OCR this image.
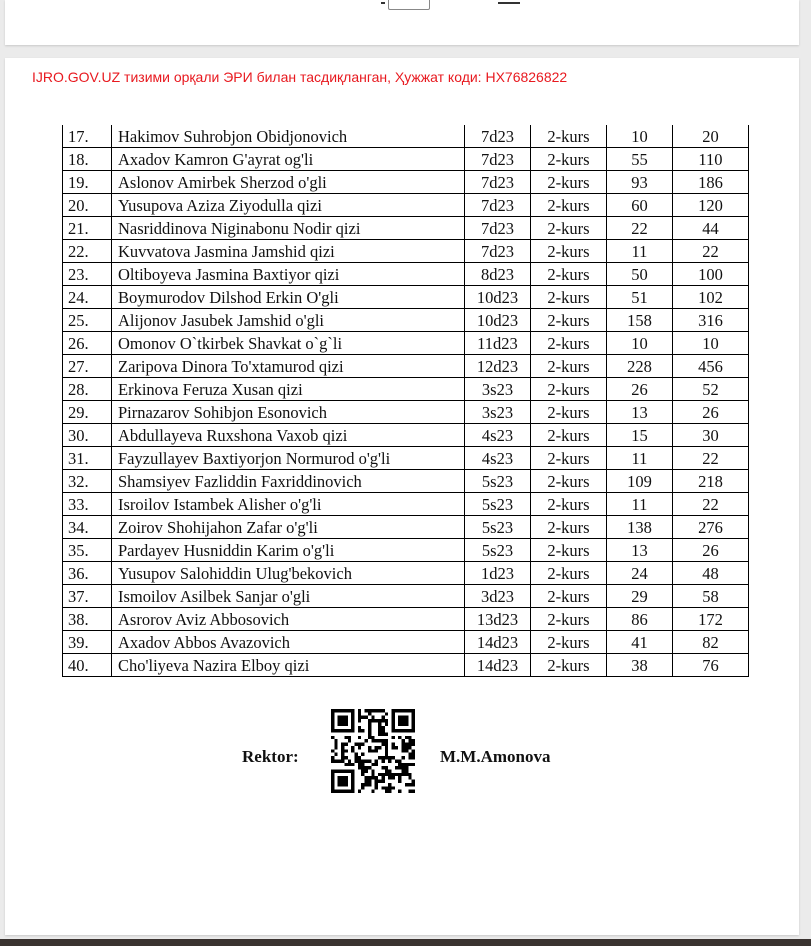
IJRO.GOV.UZ тизими орқали ЭРИ билан тасдиқланган, Ҳужжат коди: HX76826822
17.	Hakimov Suhrobjon Obidjonovich	7d23	2-kurs	10	20
18.	Axadov Kamron G'ayrat og'li	7d23	2-kurs	55	110
19.	Aslonov Amirbek Sherzod o'gli	7d23	2-kurs	93	186
20.	Yusupova Aziza Ziyodulla qizi	7d23	2-kurs	60	120
21.	Nasriddinova Niginabonu Nodir qizi	7d23	2-kurs	22	44
22.	Kuvvatova Jasmina Jamshid qizi	7d23	2-kurs	11	22
23.	Oltiboyeva Jasmina Baxtiyor qizi	8d23	2-kurs	50	100
24.	Boymurodov Dilshod Erkin O'gli	10d23	2-kurs	51	102
25.	Alijonov Jasubek Jamshid o'gli	10d23	2-kurs	158	316
26.	Omonov O`tkirbek Shavkat o`g`li	11d23	2-kurs	10	10
27.	Zaripova Dinora To'xtamurod qizi	12d23	2-kurs	228	456
28.	Erkinova Feruza Xusan qizi	3s23	2-kurs	26	52
29.	Pirnazarov Sohibjon Esonovich	3s23	2-kurs	13	26
30.	Abdullayeva Ruxshona Vaxob qizi	4s23	2-kurs	15	30
31.	Fayzullayev Baxtiyorjon Normurod o'g'li	4s23	2-kurs	11	22
32.	Shamsiyev Fazliddin Faxriddinovich	5s23	2-kurs	109	218
33.	Isroilov Istambek Alisher o'g'li	5s23	2-kurs	11	22
34.	Zoirov Shohijahon Zafar o'g'li	5s23	2-kurs	138	276
35.	Pardayev Husniddin Karim o'g'li	5s23	2-kurs	13	26
36.	Yusupov Salohiddin Ulug'bekovich	1d23	2-kurs	24	48
37.	Ismoilov Asilbek Sanjar o'gli	3d23	2-kurs	29	58
38.	Asrorov Aviz Abbosovich	13d23	2-kurs	86	172
39.	Axadov Abbos Avazovich	14d23	2-kurs	41	82
40.	Cho'liyeva Nazira Elboy qizi	14d23	2-kurs	38	76
Rektor:	M.M.Amonova
